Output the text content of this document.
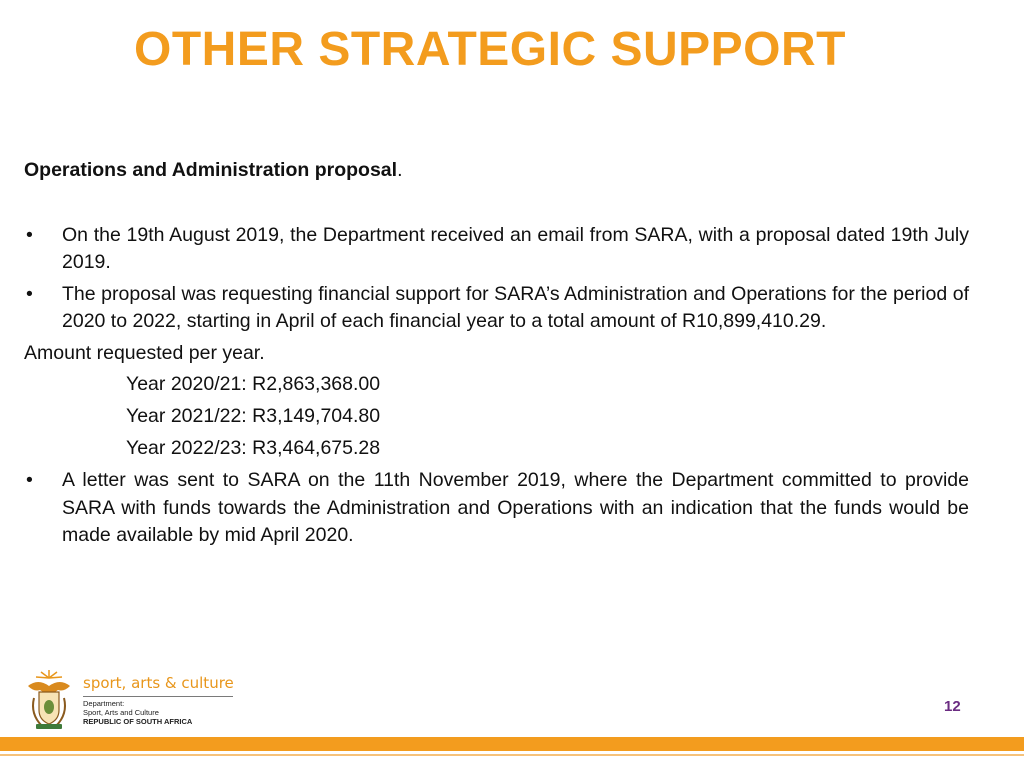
OTHER STRATEGIC SUPPORT

Operations and Administration proposal.

• On the 19th August 2019, the Department received an email from SARA, with a proposal dated 19th July 2019.
• The proposal was requesting financial support for SARA’s Administration and Operations for the period of 2020 to 2022, starting in April of each financial year to a total amount of R10,899,410.29.

Amount requested per year.

Year 2020/21: R2,863,368.00
Year 2021/22: R3,149,704.80
Year 2022/23: R3,464,675.28
• A letter was sent to SARA on the 11th November 2019, where the Department committed to provide SARA with funds towards the Administration and Operations with an indication that the funds would be made available by mid April 2020.
sport, arts & culture
Department:
Sport, Arts and Culture
REPUBLIC OF SOUTH AFRICA
12
